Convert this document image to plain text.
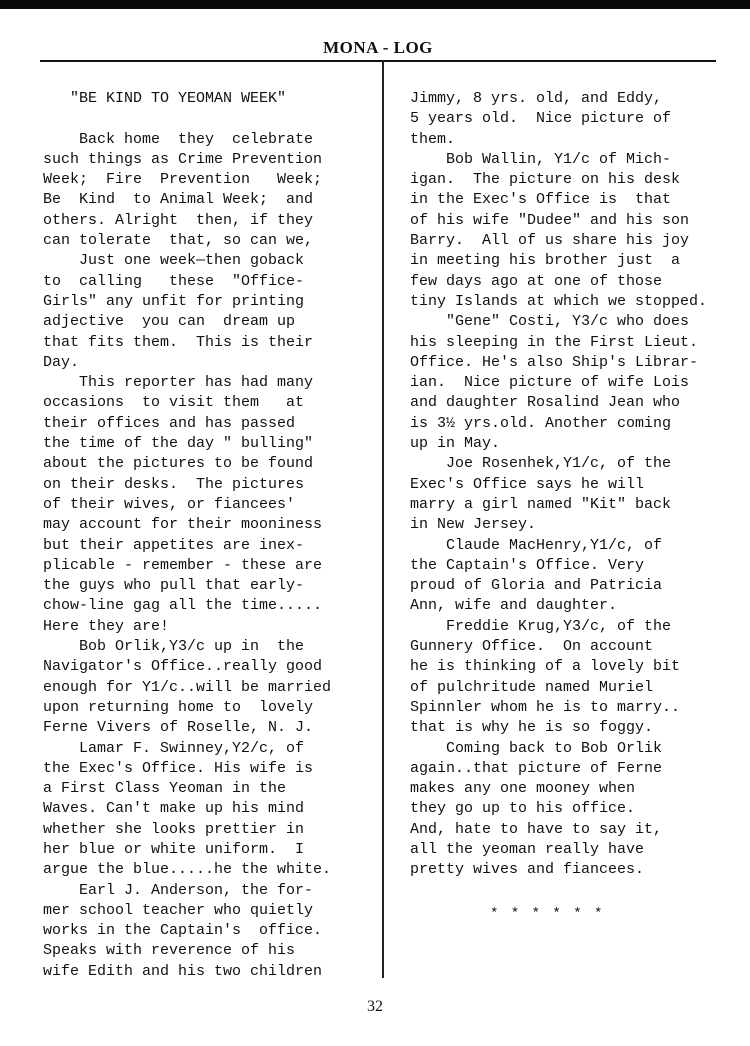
MONA - LOG
"BE KIND TO YEOMAN WEEK"
Back home  they  celebrate
such things as Crime Prevention
Week;  Fire  Prevention   Week;
Be  Kind  to Animal Week;  and
others. Alright  then, if they
can tolerate  that, so can we,
Just one week—then goback
to  calling   these  "Office-
Girls" any unfit for printing
adjective  you can  dream up
that fits them.  This is their
Day.
This reporter has had many
occasions  to visit them   at
their offices and has passed
the time of the day " bulling"
about the pictures to be found
on their desks.  The pictures
of their wives, or fiancees'
may account for their mooniness
but their appetites are inex-
plicable - remember - these are
the guys who pull that early-
chow-line gag all the time.....
Here they are!
Bob Orlik,Y3/c up in  the
Navigator's Office..really good
enough for Y1/c..will be married
upon returning home to  lovely
Ferne Vivers of Roselle, N. J.
Lamar F. Swinney,Y2/c, of
the Exec's Office. His wife is
a First Class Yeoman in the
Waves. Can't make up his mind
whether she looks prettier in
her blue or white uniform.  I
argue the blue.....he the white.
Earl J. Anderson, the for-
mer school teacher who quietly
works in the Captain's  office.
Speaks with reverence of his
wife Edith and his two children
Jimmy, 8 yrs. old, and Eddy,
5 years old.  Nice picture of
them.
Bob Wallin, Y1/c of Mich-
igan.  The picture on his desk
in the Exec's Office is  that
of his wife "Dudee" and his son
Barry.  All of us share his joy
in meeting his brother just  a
few days ago at one of those
tiny Islands at which we stopped.
"Gene" Costi, Y3/c who does
his sleeping in the First Lieut.
Office. He's also Ship's Librar-
ian.  Nice picture of wife Lois
and daughter Rosalind Jean who
is 3½ yrs.old. Another coming
up in May.
Joe Rosenhek,Y1/c, of the
Exec's Office says he will
marry a girl named "Kit" back
in New Jersey.
Claude MacHenry,Y1/c, of
the Captain's Office. Very
proud of Gloria and Patricia
Ann, wife and daughter.
Freddie Krug,Y3/c, of the
Gunnery Office.  On account
he is thinking of a lovely bit
of pulchritude named Muriel
Spinnler whom he is to marry..
that is why he is so foggy.
Coming back to Bob Orlik
again..that picture of Ferne
makes any one mooney when
they go up to his office.
And, hate to have to say it,
all the yeoman really have
pretty wives and fiancees.
* * * * * *
32
